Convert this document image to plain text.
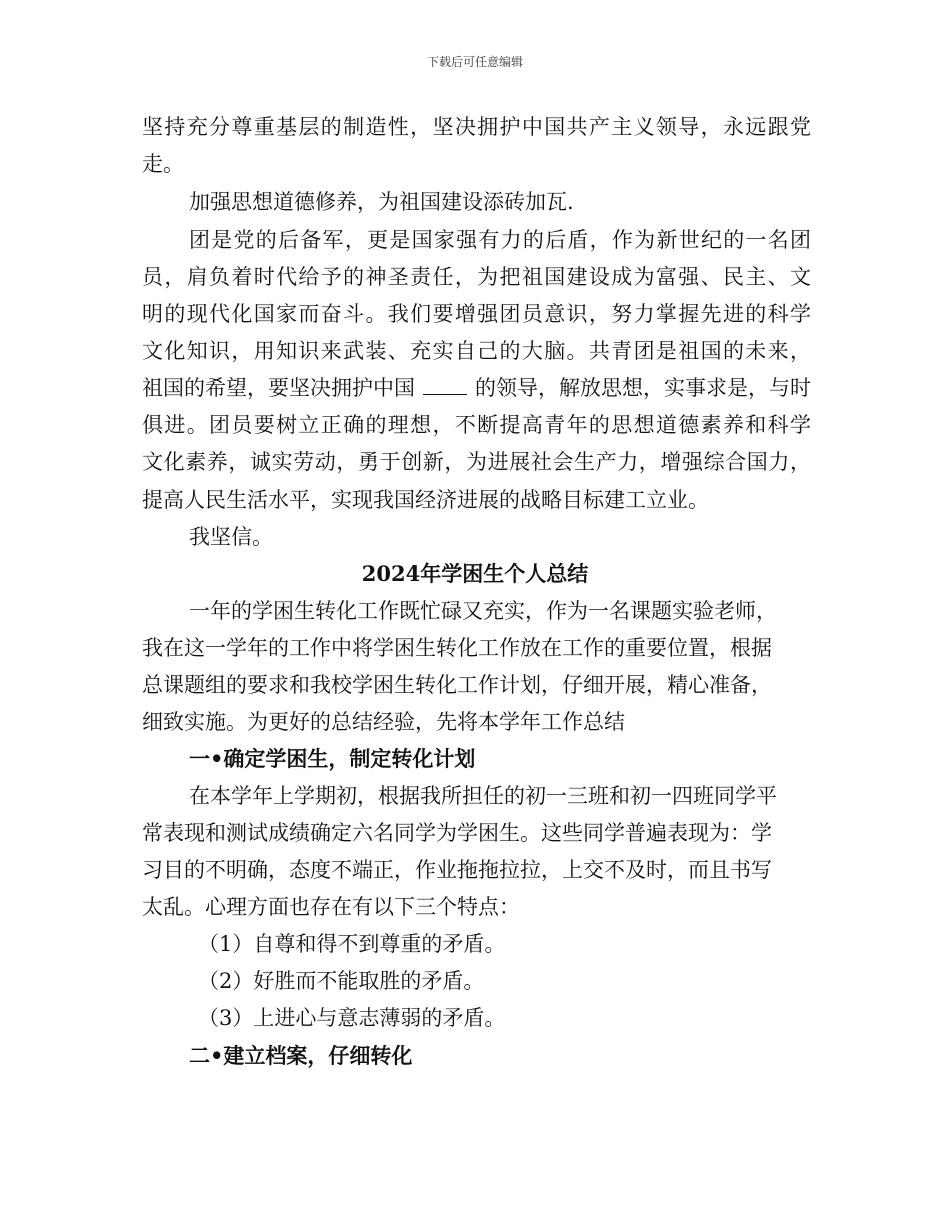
下载后可任意编辑
坚持充分尊重基层的制造性，坚决拥护中国共产主义领导，永远跟党
走。
加强思想道德修养，为祖国建设添砖加瓦.
团是党的后备军，更是国家强有力的后盾，作为新世纪的一名团
员，肩负着时代给予的神圣责任，为把祖国建设成为富强、民主、文
明的现代化国家而奋斗。我们要增强团员意识，努力掌握先进的科学
文化知识，用知识来武装、充实自己的大脑。共青团是祖国的未来，
祖国的希望，要坚决拥护中国	的领导，解放思想，实事求是，与时
俱进。团员要树立正确的理想，不断提高青年的思想道德素养和科学
文化素养，诚实劳动，勇于创新，为进展社会生产力，增强综合国力，
提高人民生活水平，实现我国经济进展的战略目标建工立业。
我坚信。
2024年学困生个人总结
一年的学困生转化工作既忙碌又充实，作为一名课题实验老师，
我在这一学年的工作中将学困生转化工作放在工作的重要位置，根据
总课题组的要求和我校学困生转化工作计划，仔细开展，精心准备，
细致实施。为更好的总结经验，先将本学年工作总结
一•确定学困生，制定转化计划
在本学年上学期初，根据我所担任的初一三班和初一四班同学平
常表现和测试成绩确定六名同学为学困生。这些同学普遍表现为：学
习目的不明确，态度不端正，作业拖拖拉拉，上交不及时，而且书写
太乱。心理方面也存在有以下三个特点：
（1）自尊和得不到尊重的矛盾。
（2）好胜而不能取胜的矛盾。
（3）上进心与意志薄弱的矛盾。
二•建立档案，仔细转化
